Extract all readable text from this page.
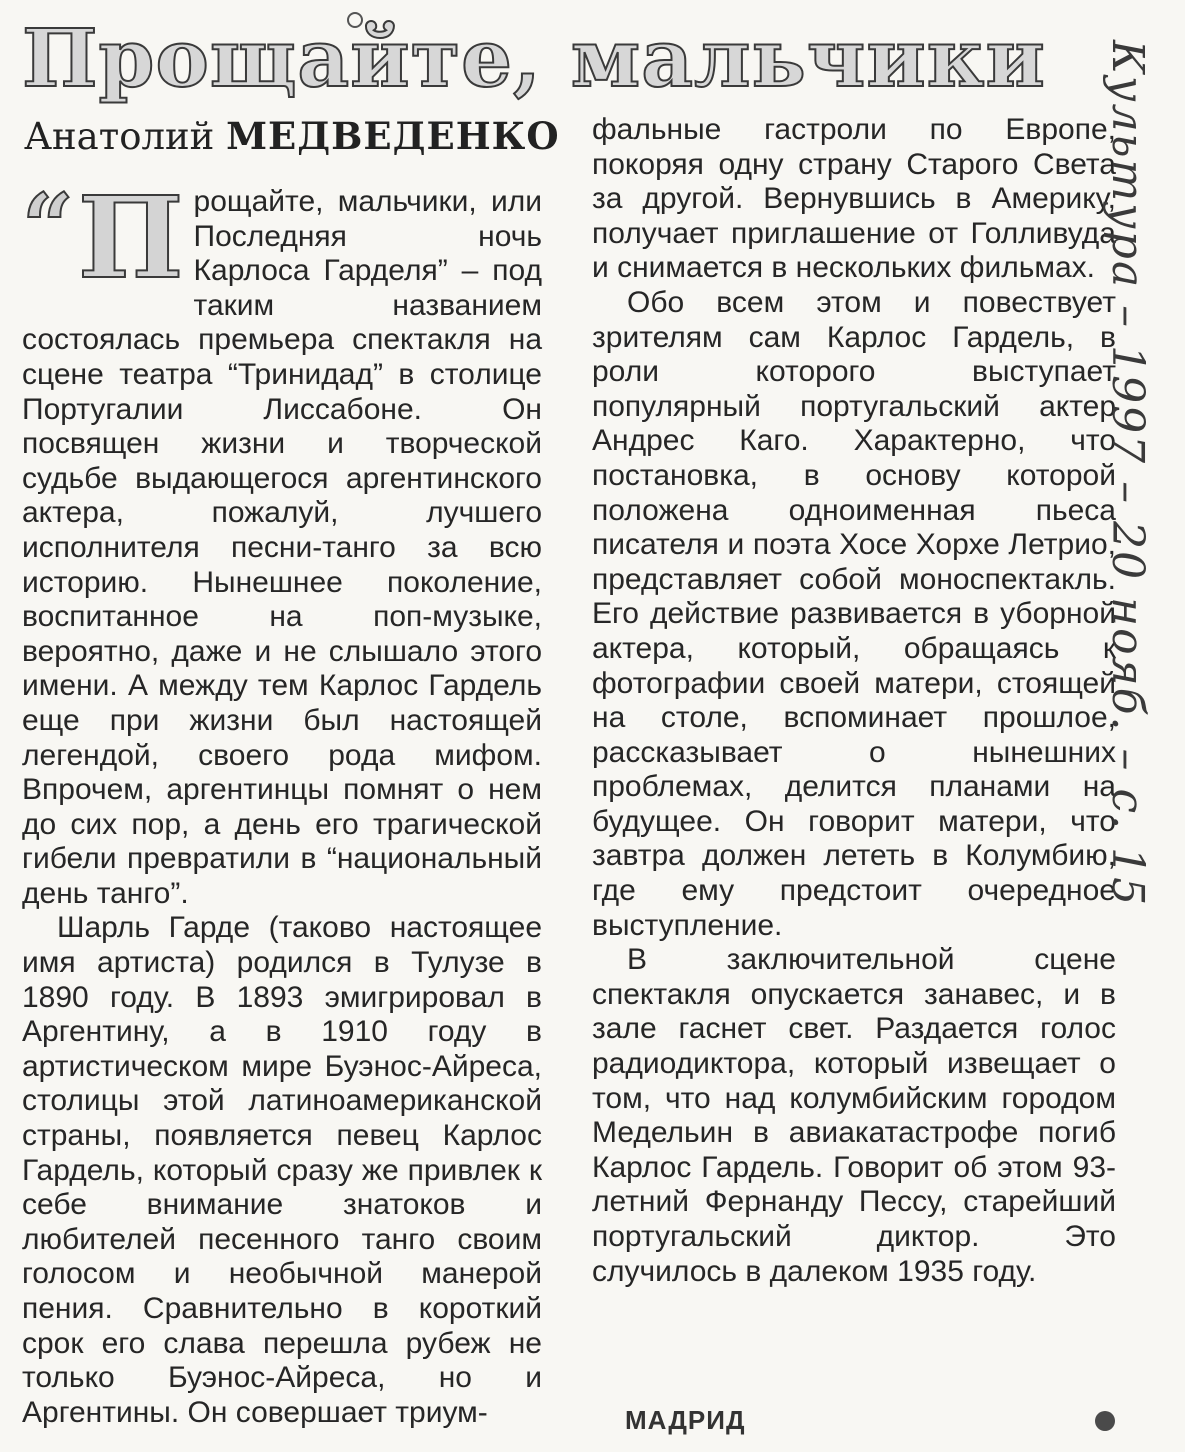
Прощайте, мальчики
Анатолий МЕДВЕДЕНКО
“ П рощайте, мальчики, или Последняя ночь Карлоса Гарделя” – под таким названием состоялась премьера спектакля на сцене театра “Тринидад” в столице Португалии Лиссабоне. Он посвящен жизни и творческой судьбе выдающегося аргентинского актера, пожалуй, лучшего исполнителя песни-танго за всю историю. Нынешнее поколение, воспитанное на поп-музыке, вероятно, даже и не слышало этого имени. А между тем Карлос Гардель еще при жизни был настоящей легендой, своего рода мифом. Впрочем, аргентинцы помнят о нем до сих пор, а день его трагической гибели превратили в “национальный день танго”.

Шарль Гарде (таково настоящее имя артиста) родился в Тулузе в 1890 году. В 1893 эмигрировал в Аргентину, а в 1910 году в артистическом мире Буэнос-Айреса, столицы этой латиноамериканской страны, появляется певец Карлос Гардель, который сразу же привлек к себе внимание знатоков и любителей песенного танго своим голосом и необычной манерой пения. Сравнительно в короткий срок его слава перешла рубеж не только Буэнос-Айреса, но и Аргентины. Он совершает триум-

фальные гастроли по Европе, покоряя одну страну Старого Света за другой. Вернувшись в Америку, получает приглашение от Голливуда и снимается в нескольких фильмах.

Обо всем этом и повествует зрителям сам Карлос Гардель, в роли которого выступает популярный португальский актер Андрес Каго. Характерно, что постановка, в основу которой положена одноименная пьеса писателя и поэта Хосе Хорхе Летрио, представляет собой моноспектакль. Его действие развивается в уборной актера, который, обращаясь к фотографии своей матери, стоящей на столе, вспоминает прошлое, рассказывает о нынешних проблемах, делится планами на будущее. Он говорит матери, что завтра должен лететь в Колумбию, где ему предстоит очередное выступление.

В заключительной сцене спектакля опускается занавес, и в зале гаснет свет. Раздается голос радиодиктора, который извещает о том, что над колумбийским городом Медельин в авиакатастрофе погиб Карлос Гардель. Говорит об этом 93-летний Фернанду Пессу, старейший португальский диктор. Это случилось в далеком 1935 году.

МАДРИД
Культура – 1997 – 20 нояб. – с. 15
